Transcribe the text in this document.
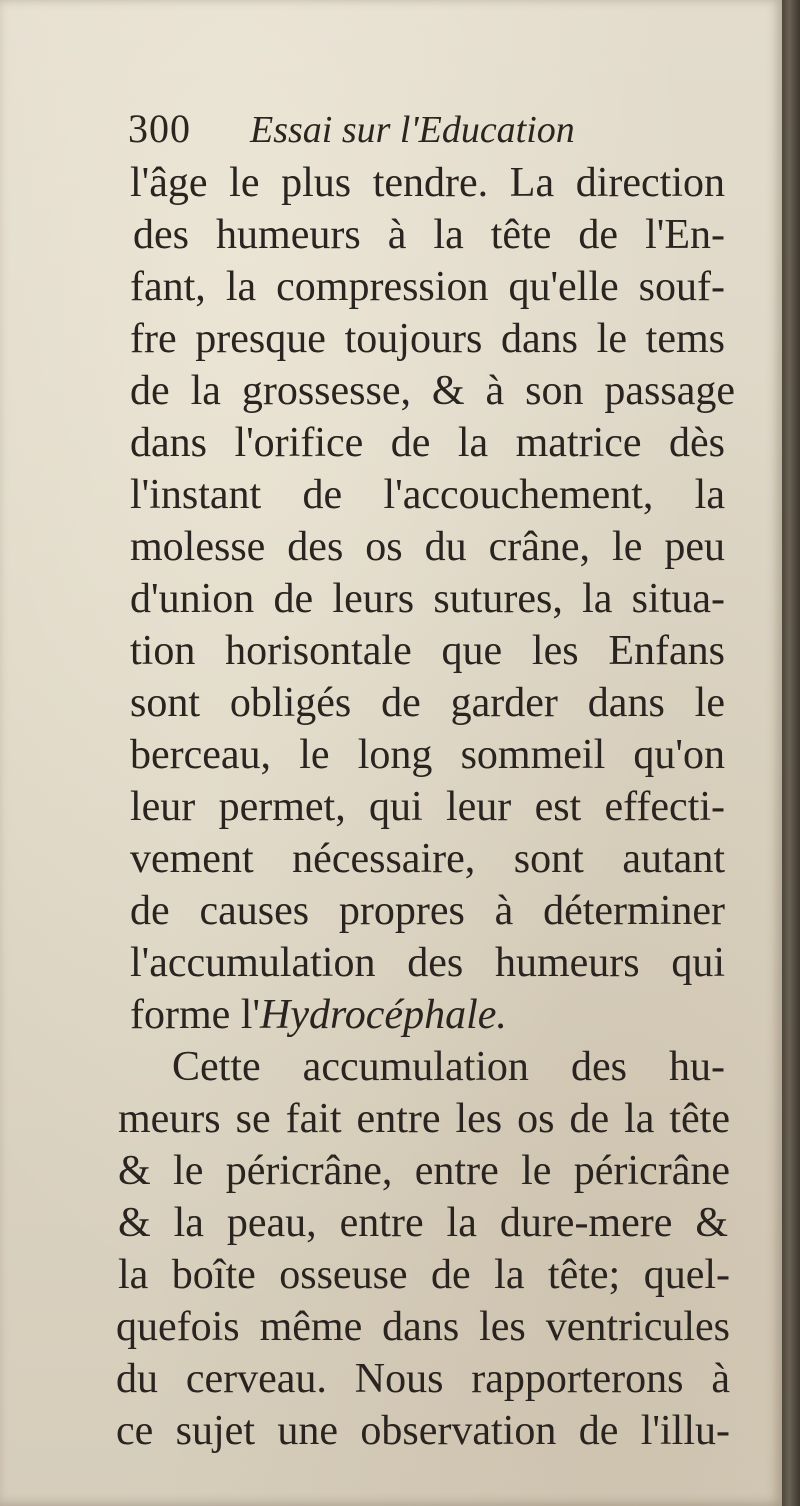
300 Essai sur l'Education
l'âge le plus tendre. La direction
des humeurs à la tête de l'En-
fant, la compression qu'elle souf-
fre presque toujours dans le tems
de la grossesse, & à son passage
dans l'orifice de la matrice dès
l'instant de l'accouchement, la
molesse des os du crâne, le peu
d'union de leurs sutures, la situa-
tion horisontale que les Enfans
sont obligés de garder dans le
berceau, le long sommeil qu'on
leur permet, qui leur est effecti-
vement nécessaire, sont autant
de causes propres à déterminer
l'accumulation des humeurs qui
forme l'Hydrocéphale.
Cette accumulation des hu-
meurs se fait entre les os de la tête
& le péricrâne, entre le péricrâne
& la peau, entre la dure-mere &
la boîte osseuse de la tête; quel-
quefois même dans les ventricules
du cerveau. Nous rapporterons à
ce sujet une observation de l'illu-
